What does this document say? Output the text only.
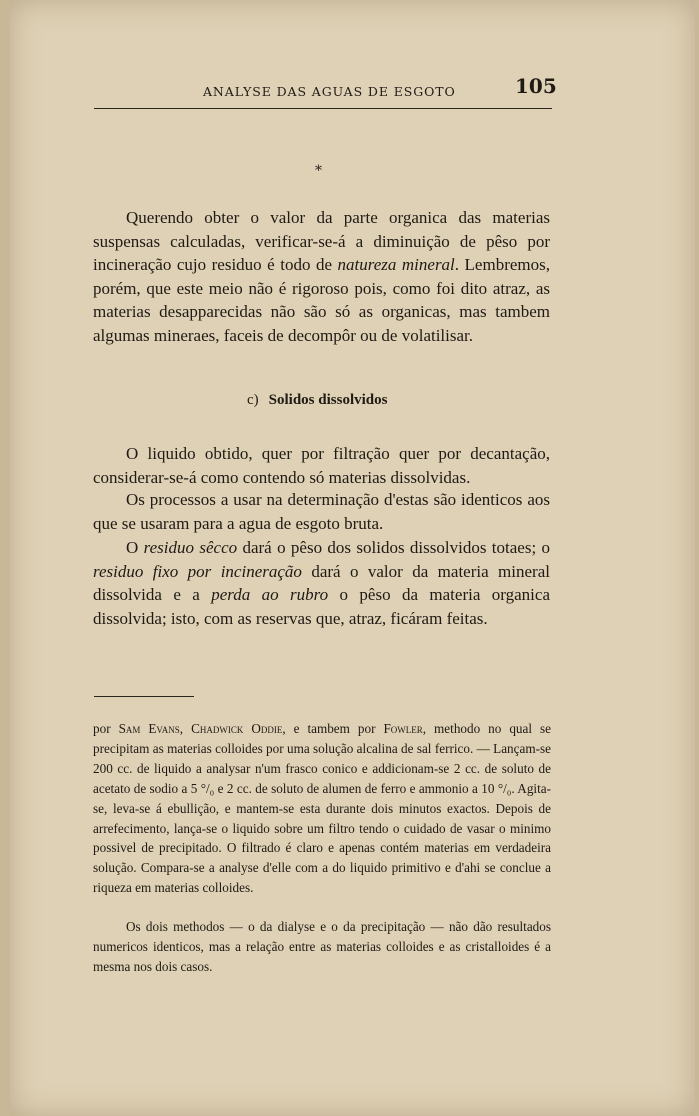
ANALYSE DAS AGUAS DE ESGOTO	105
*

Querendo obter o valor da parte organica das materias suspensas calculadas, verificar-se-á a diminuição de pêso por incineração cujo residuo é todo de natureza mineral. Lembremos, porém, que este meio não é rigoroso pois, como foi dito atraz, as materias desapparecidas não são só as organicas, mas tambem algumas mineraes, faceis de decompôr ou de volatilisar.

c) Solidos dissolvidos

O liquido obtido, quer por filtração quer por decantação, considerar-se-á como contendo só materias dissolvidas.

Os processos a usar na determinação d'estas são identicos aos que se usaram para a agua de esgoto bruta.

O residuo sêcco dará o pêso dos solidos dissolvidos totaes; o residuo fixo por incineração dará o valor da materia mineral dissolvida e a perda ao rubro o pêso da materia organica dissolvida; isto, com as reservas que, atraz, ficáram feitas.

por Sam Evans, Chadwick Oddie, e tambem por Fowler, methodo no qual se precipitam as materias colloides por uma solução alcalina de sal ferrico. — Lançam-se 200 cc. de liquido a analysar n'um frasco conico e addicionam-se 2 cc. de soluto de acetato de sodio a 5 °/₀ e 2 cc. de soluto de alumen de ferro e ammonio a 10 °/₀. Agita-se, leva-se á ebullição, e mantem-se esta durante dois minutos exactos. Depois de arrefecimento, lança-se o liquido sobre um filtro tendo o cuidado de vasar o minimo possivel de precipitado. O filtrado é claro e apenas contém materias em verdadeira solução. Compara-se a analyse d'elle com a do liquido primitivo e d'ahi se conclue a riqueza em materias colloides.

Os dois methodos — o da dialyse e o da precipitação — não dão resultados numericos identicos, mas a relação entre as materias colloides e as cristalloides é a mesma nos dois casos.
